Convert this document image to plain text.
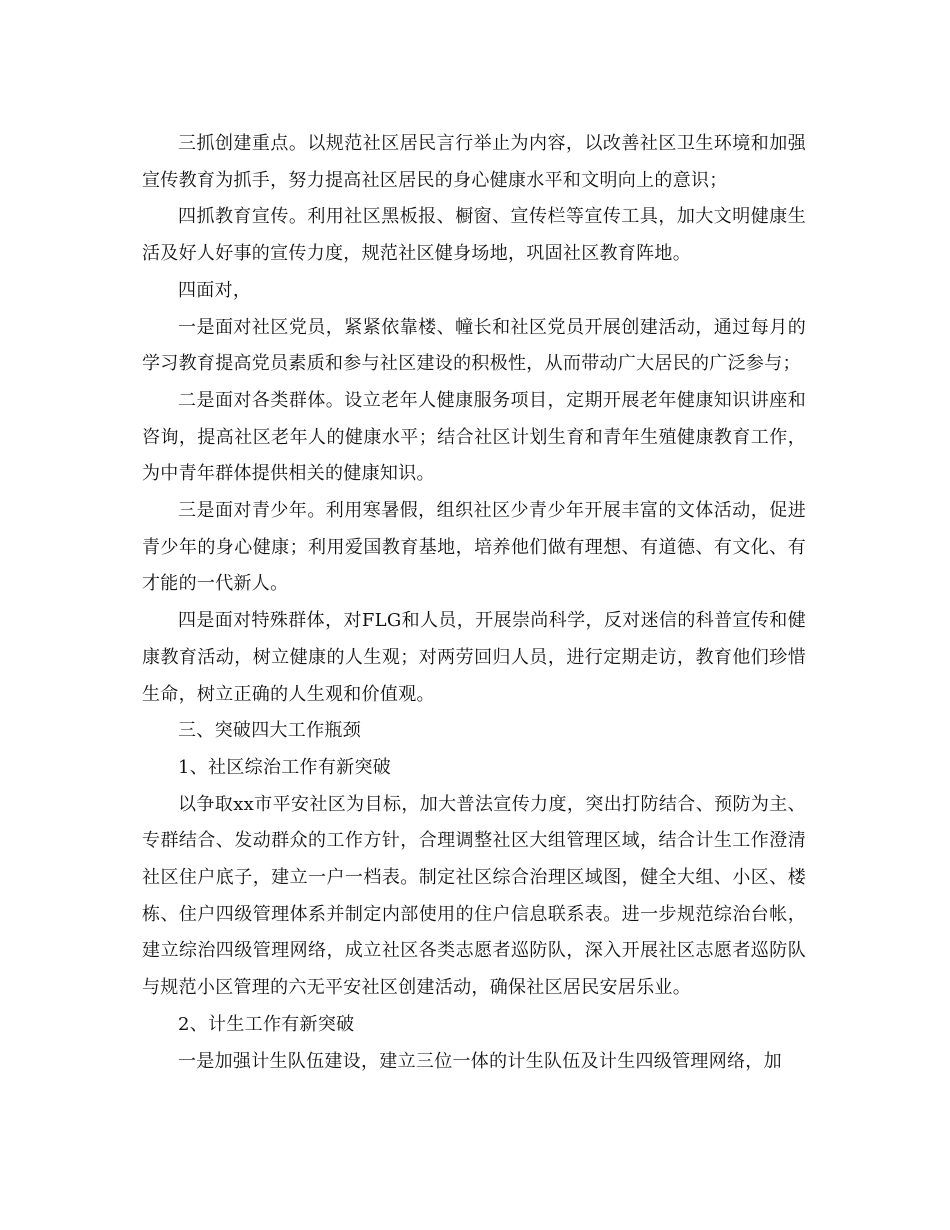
三抓创建重点。以规范社区居民言行举止为内容，以改善社区卫生环境和加强宣传教育为抓手，努力提高社区居民的身心健康水平和文明向上的意识；

四抓教育宣传。利用社区黑板报、橱窗、宣传栏等宣传工具，加大文明健康生活及好人好事的宣传力度，规范社区健身场地，巩固社区教育阵地。

四面对，

一是面对社区党员，紧紧依靠楼、幢长和社区党员开展创建活动，通过每月的学习教育提高党员素质和参与社区建设的积极性，从而带动广大居民的广泛参与；

二是面对各类群体。设立老年人健康服务项目，定期开展老年健康知识讲座和咨询，提高社区老年人的健康水平；结合社区计划生育和青年生殖健康教育工作，为中青年群体提供相关的健康知识。

三是面对青少年。利用寒暑假，组织社区少青少年开展丰富的文体活动，促进青少年的身心健康；利用爱国教育基地，培养他们做有理想、有道德、有文化、有才能的一代新人。

四是面对特殊群体，对FLG和人员，开展崇尚科学，反对迷信的科普宣传和健康教育活动，树立健康的人生观；对两劳回归人员，进行定期走访，教育他们珍惜生命，树立正确的人生观和价值观。

三、突破四大工作瓶颈

1、社区综治工作有新突破

以争取xx市平安社区为目标，加大普法宣传力度，突出打防结合、预防为主、专群结合、发动群众的工作方针，合理调整社区大组管理区域，结合计生工作澄清社区住户底子，建立一户一档表。制定社区综合治理区域图，健全大组、小区、楼栋、住户四级管理体系并制定内部使用的住户信息联系表。进一步规范综治台帐，建立综治四级管理网络，成立社区各类志愿者巡防队，深入开展社区志愿者巡防队与规范小区管理的六无平安社区创建活动，确保社区居民安居乐业。

2、计生工作有新突破

一是加强计生队伍建设，建立三位一体的计生队伍及计生四级管理网络，加
